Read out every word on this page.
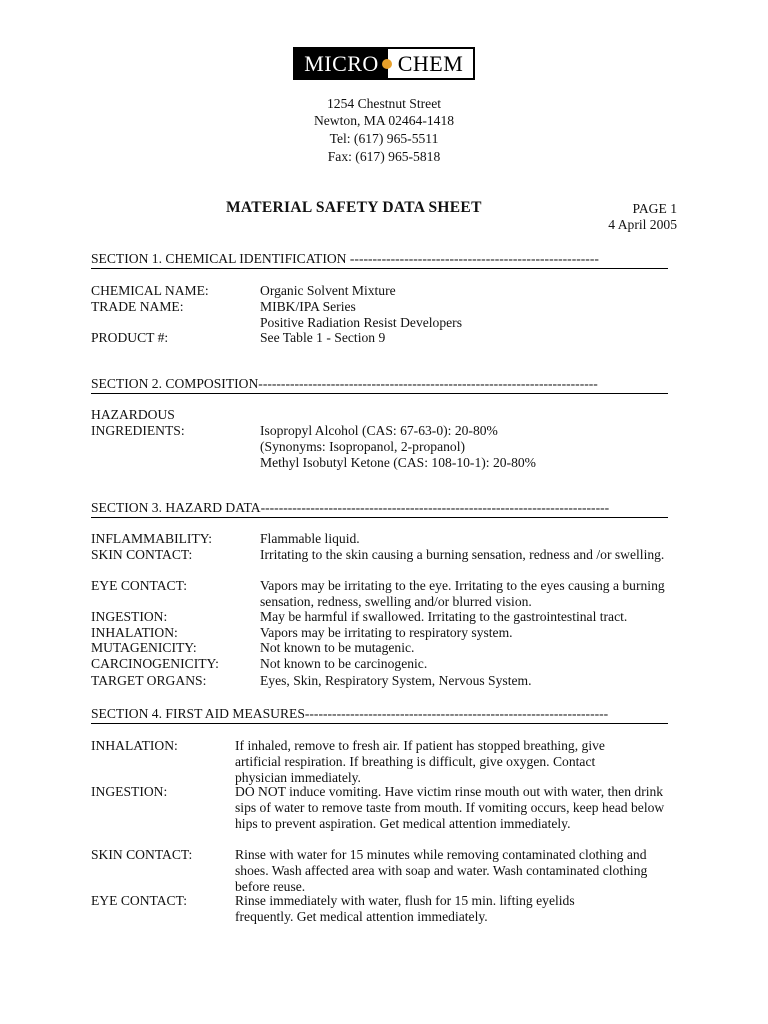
MICRO CHEM
1254 Chestnut Street
Newton, MA 02464-1418
Tel: (617) 965-5511
Fax: (617) 965-5818
MATERIAL SAFETY DATA SHEET	PAGE 1
4 April 2005
SECTION 1. CHEMICAL IDENTIFICATION -------------------------------------------------------
CHEMICAL NAME:	Organic Solvent Mixture
TRADE NAME:	MIBK/IPA Series
Positive Radiation Resist Developers
PRODUCT #:	See Table 1 - Section 9
SECTION 2. COMPOSITION---------------------------------------------------------------------------
HAZARDOUS
INGREDIENTS:	Isopropyl Alcohol (CAS: 67-63-0): 20-80%
(Synonyms: Isopropanol, 2-propanol)
Methyl Isobutyl Ketone (CAS: 108-10-1): 20-80%
SECTION 3. HAZARD DATA-----------------------------------------------------------------------------
INFLAMMABILITY:	Flammable liquid.
SKIN CONTACT:	Irritating to the skin causing a burning sensation, redness and /or swelling.
EYE CONTACT:	Vapors may be irritating to the eye. Irritating to the eyes causing a burning sensation, redness, swelling and/or blurred vision.
INGESTION:	May be harmful if swallowed. Irritating to the gastrointestinal tract.
INHALATION:	Vapors may be irritating to respiratory system.
MUTAGENICITY:	Not known to be mutagenic.
CARCINOGENICITY:	Not known to be carcinogenic.
TARGET ORGANS:	Eyes, Skin, Respiratory System, Nervous System.
SECTION 4. FIRST AID MEASURES-------------------------------------------------------------------
INHALATION:	If inhaled, remove to fresh air. If patient has stopped breathing, give artificial respiration. If breathing is difficult, give oxygen. Contact physician immediately.
INGESTION:	DO NOT induce vomiting. Have victim rinse mouth out with water, then drink sips of water to remove taste from mouth. If vomiting occurs, keep head below hips to prevent aspiration. Get medical attention immediately.
SKIN CONTACT:	Rinse with water for 15 minutes while removing contaminated clothing and shoes. Wash affected area with soap and water. Wash contaminated clothing before reuse.
EYE CONTACT:	Rinse immediately with water, flush for 15 min. lifting eyelids frequently. Get medical attention immediately.
